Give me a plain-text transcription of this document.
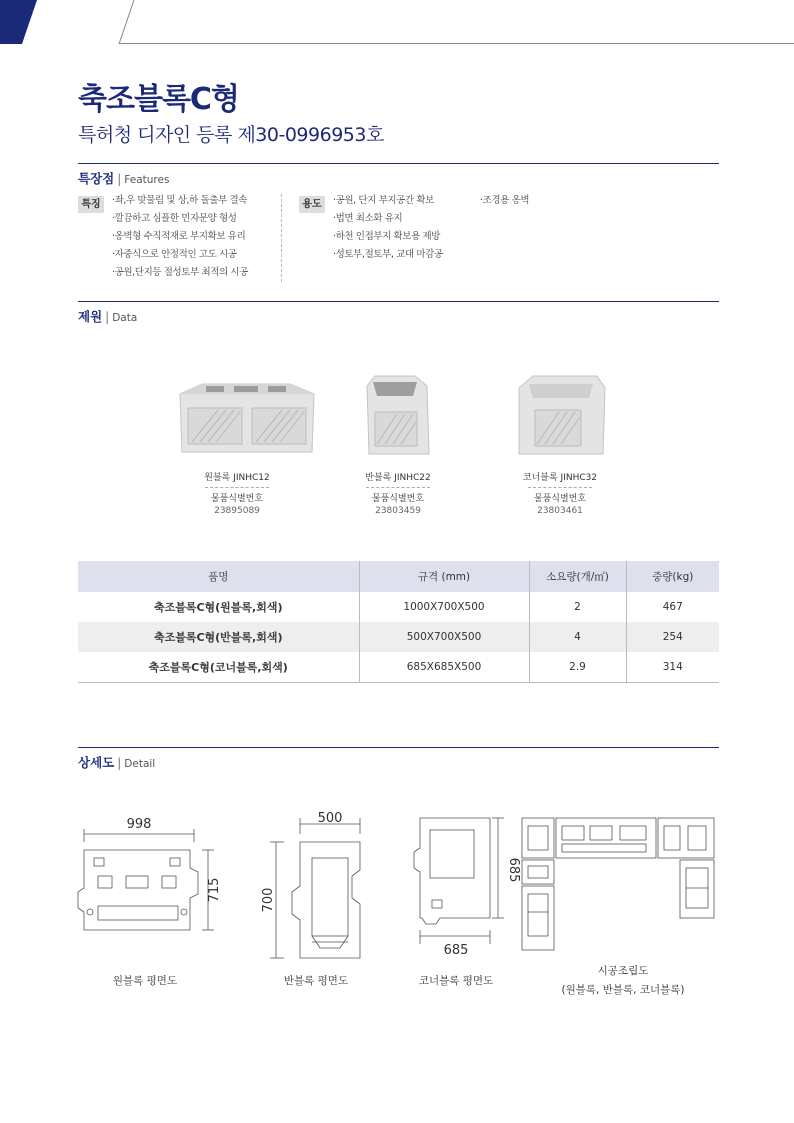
축조블록C형
특허청 디자인 등록 제30-0996953호
특장점 | Features
특징	·좌,우 맞물림 및 상,하 돌출부 결속
·깔끔하고 심플한 민자문양 형성
·옹벽형 수직적재로 부지확보 유리
·자중식으로 안정적인 고도 시공
·공원,단지등 절성토부 최적의 시공
용도	·공원, 단지 부지공간 확보
·법면 최소화 유지
·하천 인접부지 확보용 제방
·성토부,절토부, 교대 마감공
·조경용 옹벽
제원 | Data
원블록 JINHC12
물품식별번호
23895089
반블록 JINHC22
물품식별번호
23803459
코너블록 JINHC32
물품식별번호
23803461
품명	규격 (mm)	소요량(개/㎡)	중량(kg)
축조블록C형(원블록,회색)	1000X700X500	2	467
축조블록C형(반블록,회색)	500X700X500	4	254
축조블록C형(코너블록,회색)	685X685X500	2.9	314
상세도 | Detail
998
715
원블록 평면도
500
700
반블록 평면도
685
685
코너블록 평면도
시공조립도
(원블록, 반블록, 코너블록)
